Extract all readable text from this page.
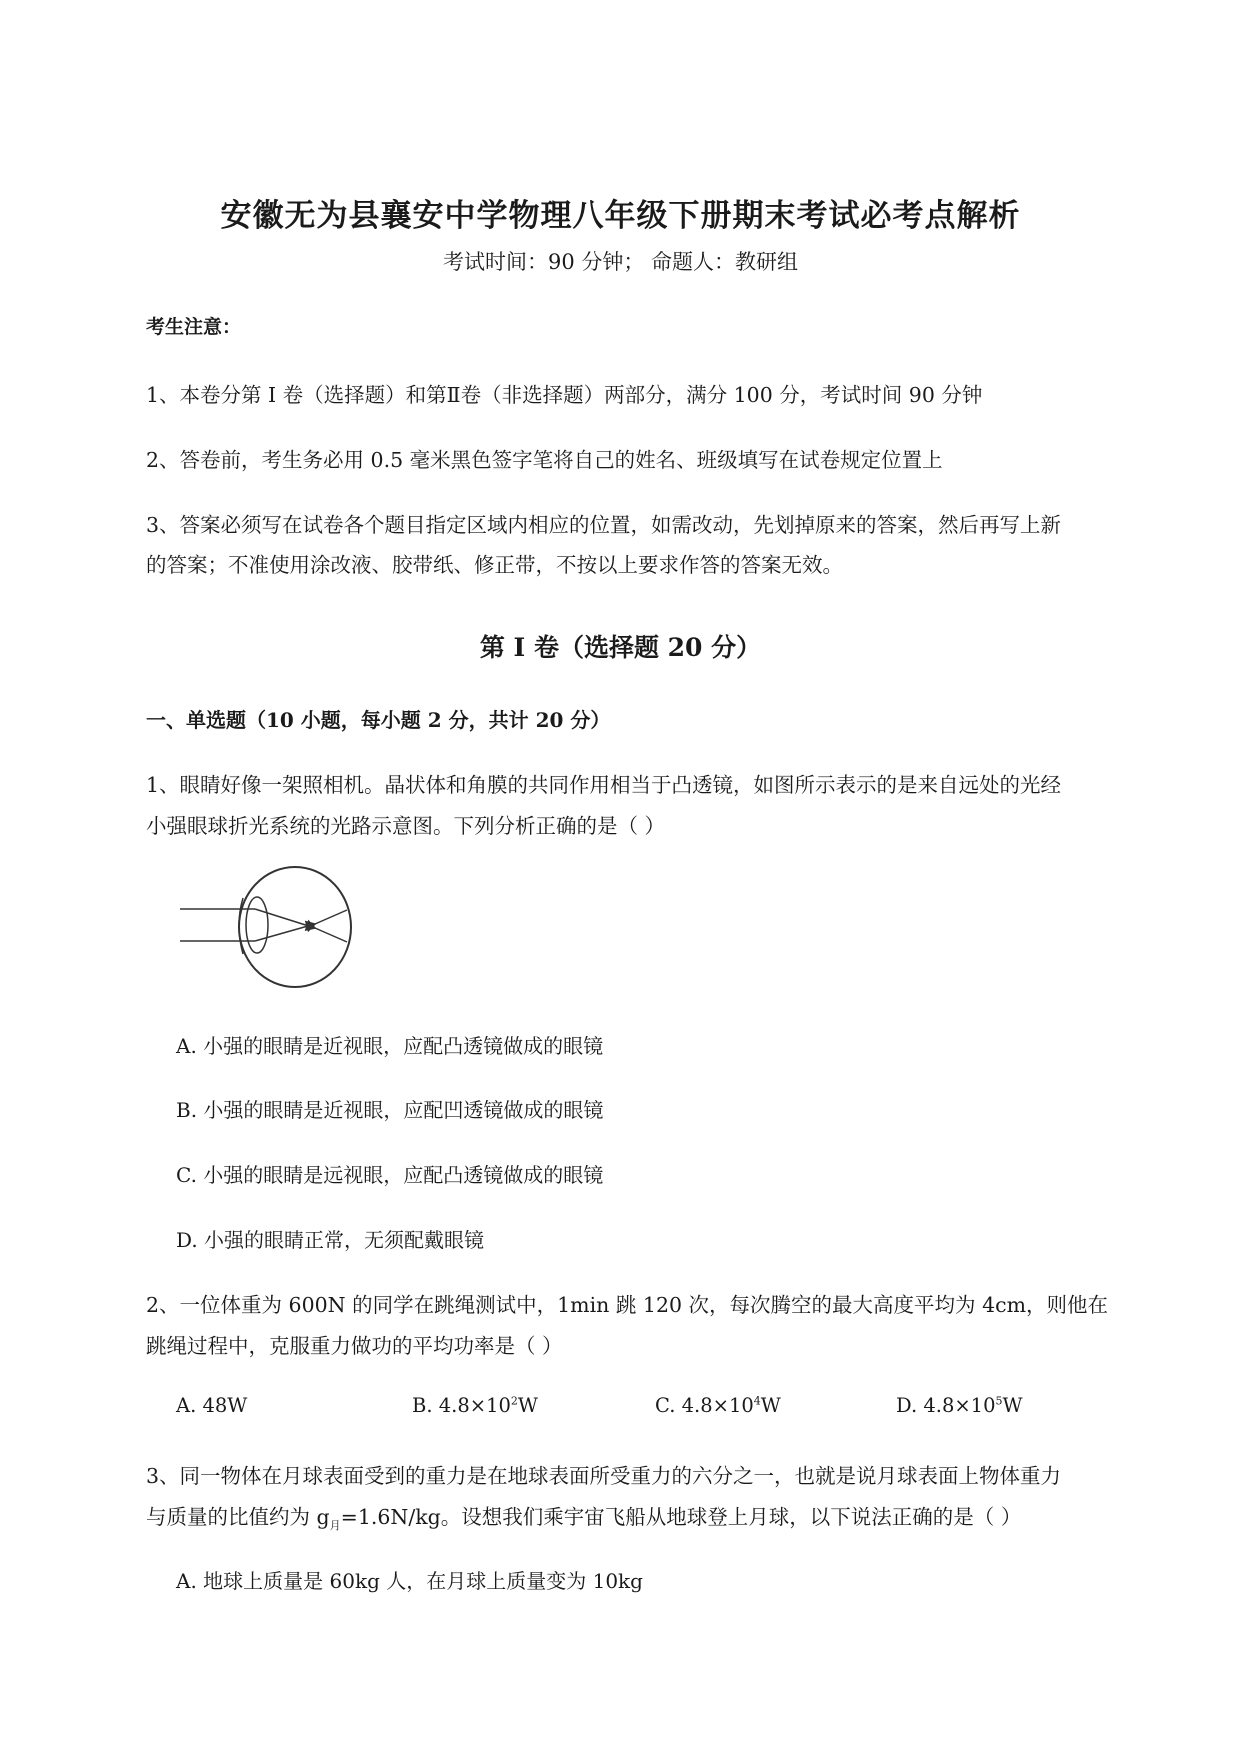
安徽无为县襄安中学物理八年级下册期末考试必考点解析
考试时间：90 分钟； 命题人：教研组
考生注意：
1、本卷分第 I 卷（选择题）和第Ⅱ卷（非选择题）两部分，满分 100 分，考试时间 90 分钟
2、答卷前，考生务必用 0.5 毫米黑色签字笔将自己的姓名、班级填写在试卷规定位置上
3、答案必须写在试卷各个题目指定区域内相应的位置，如需改动，先划掉原来的答案，然后再写上新
的答案；不准使用涂改液、胶带纸、修正带，不按以上要求作答的答案无效。
第 I 卷（选择题 20 分）
一、单选题（10 小题，每小题 2 分，共计 20 分）
1、眼睛好像一架照相机。晶状体和角膜的共同作用相当于凸透镜，如图所示表示的是来自远处的光经
小强眼球折光系统的光路示意图。下列分析正确的是（ ）
A. 小强的眼睛是近视眼，应配凸透镜做成的眼镜
B. 小强的眼睛是近视眼，应配凹透镜做成的眼镜
C. 小强的眼睛是远视眼，应配凸透镜做成的眼镜
D. 小强的眼睛正常，无须配戴眼镜
2、一位体重为 600N 的同学在跳绳测试中，1min 跳 120 次，每次腾空的最大高度平均为 4cm，则他在
跳绳过程中，克服重力做功的平均功率是（ ）
A. 48W	B. $4.8\times 10^2W$	C. $4.8\times 10^4W$	D. $4.8\times 10^5W$
3、同一物体在月球表面受到的重力是在地球表面所受重力的六分之一，也就是说月球表面上物体重力
与质量的比值约为 $g_月=1.6N/kg$。设想我们乘宇宙飞船从地球登上月球，以下说法正确的是（ ）
A. 地球上质量是 60kg 人，在月球上质量变为 10kg
